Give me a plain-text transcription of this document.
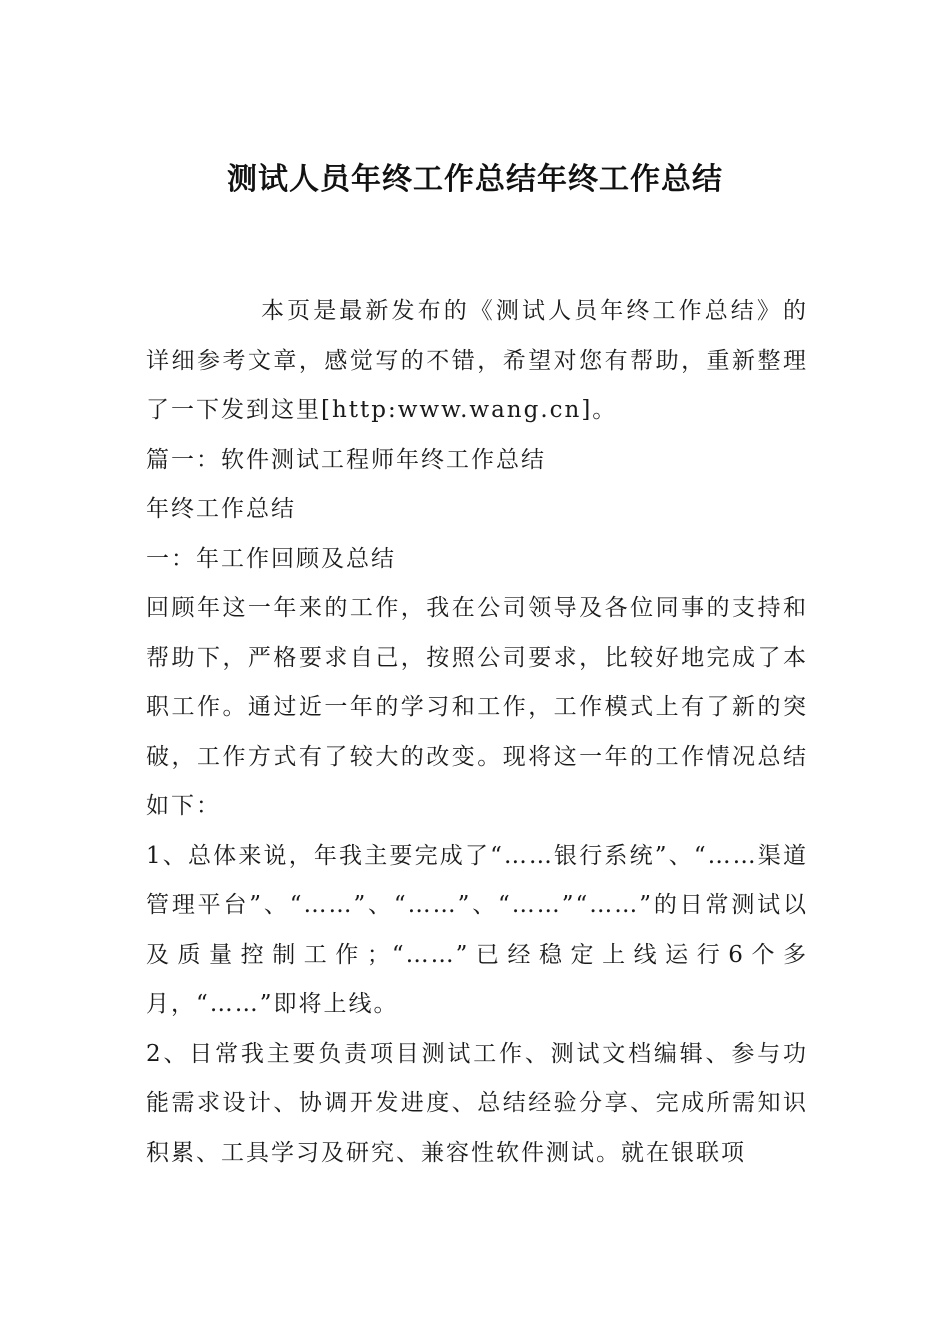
测试人员年终工作总结年终工作总结

本页是最新发布的《测试人员年终工作总结》的详细参考文章，感觉写的不错，希望对您有帮助，重新整理了一下发到这里[http:www.wang.cn]。

篇一：软件测试工程师年终工作总结

年终工作总结

一：年工作回顾及总结

回顾年这一年来的工作，我在公司领导及各位同事的支持和帮助下，严格要求自己，按照公司要求，比较好地完成了本职工作。通过近一年的学习和工作，工作模式上有了新的突破，工作方式有了较大的改变。现将这一年的工作情况总结如下：

1、总体来说，年我主要完成了“……银行系统”、“……渠道管理平台”、“……”、“……”、“……”“……”的日常测试以及质量控制工作；“……”已经稳定上线运行6个多月，“……”即将上线。

2、日常我主要负责项目测试工作、测试文档编辑、参与功能需求设计、协调开发进度、总结经验分享、完成所需知识积累、工具学习及研究、兼容性软件测试。就在银联项
